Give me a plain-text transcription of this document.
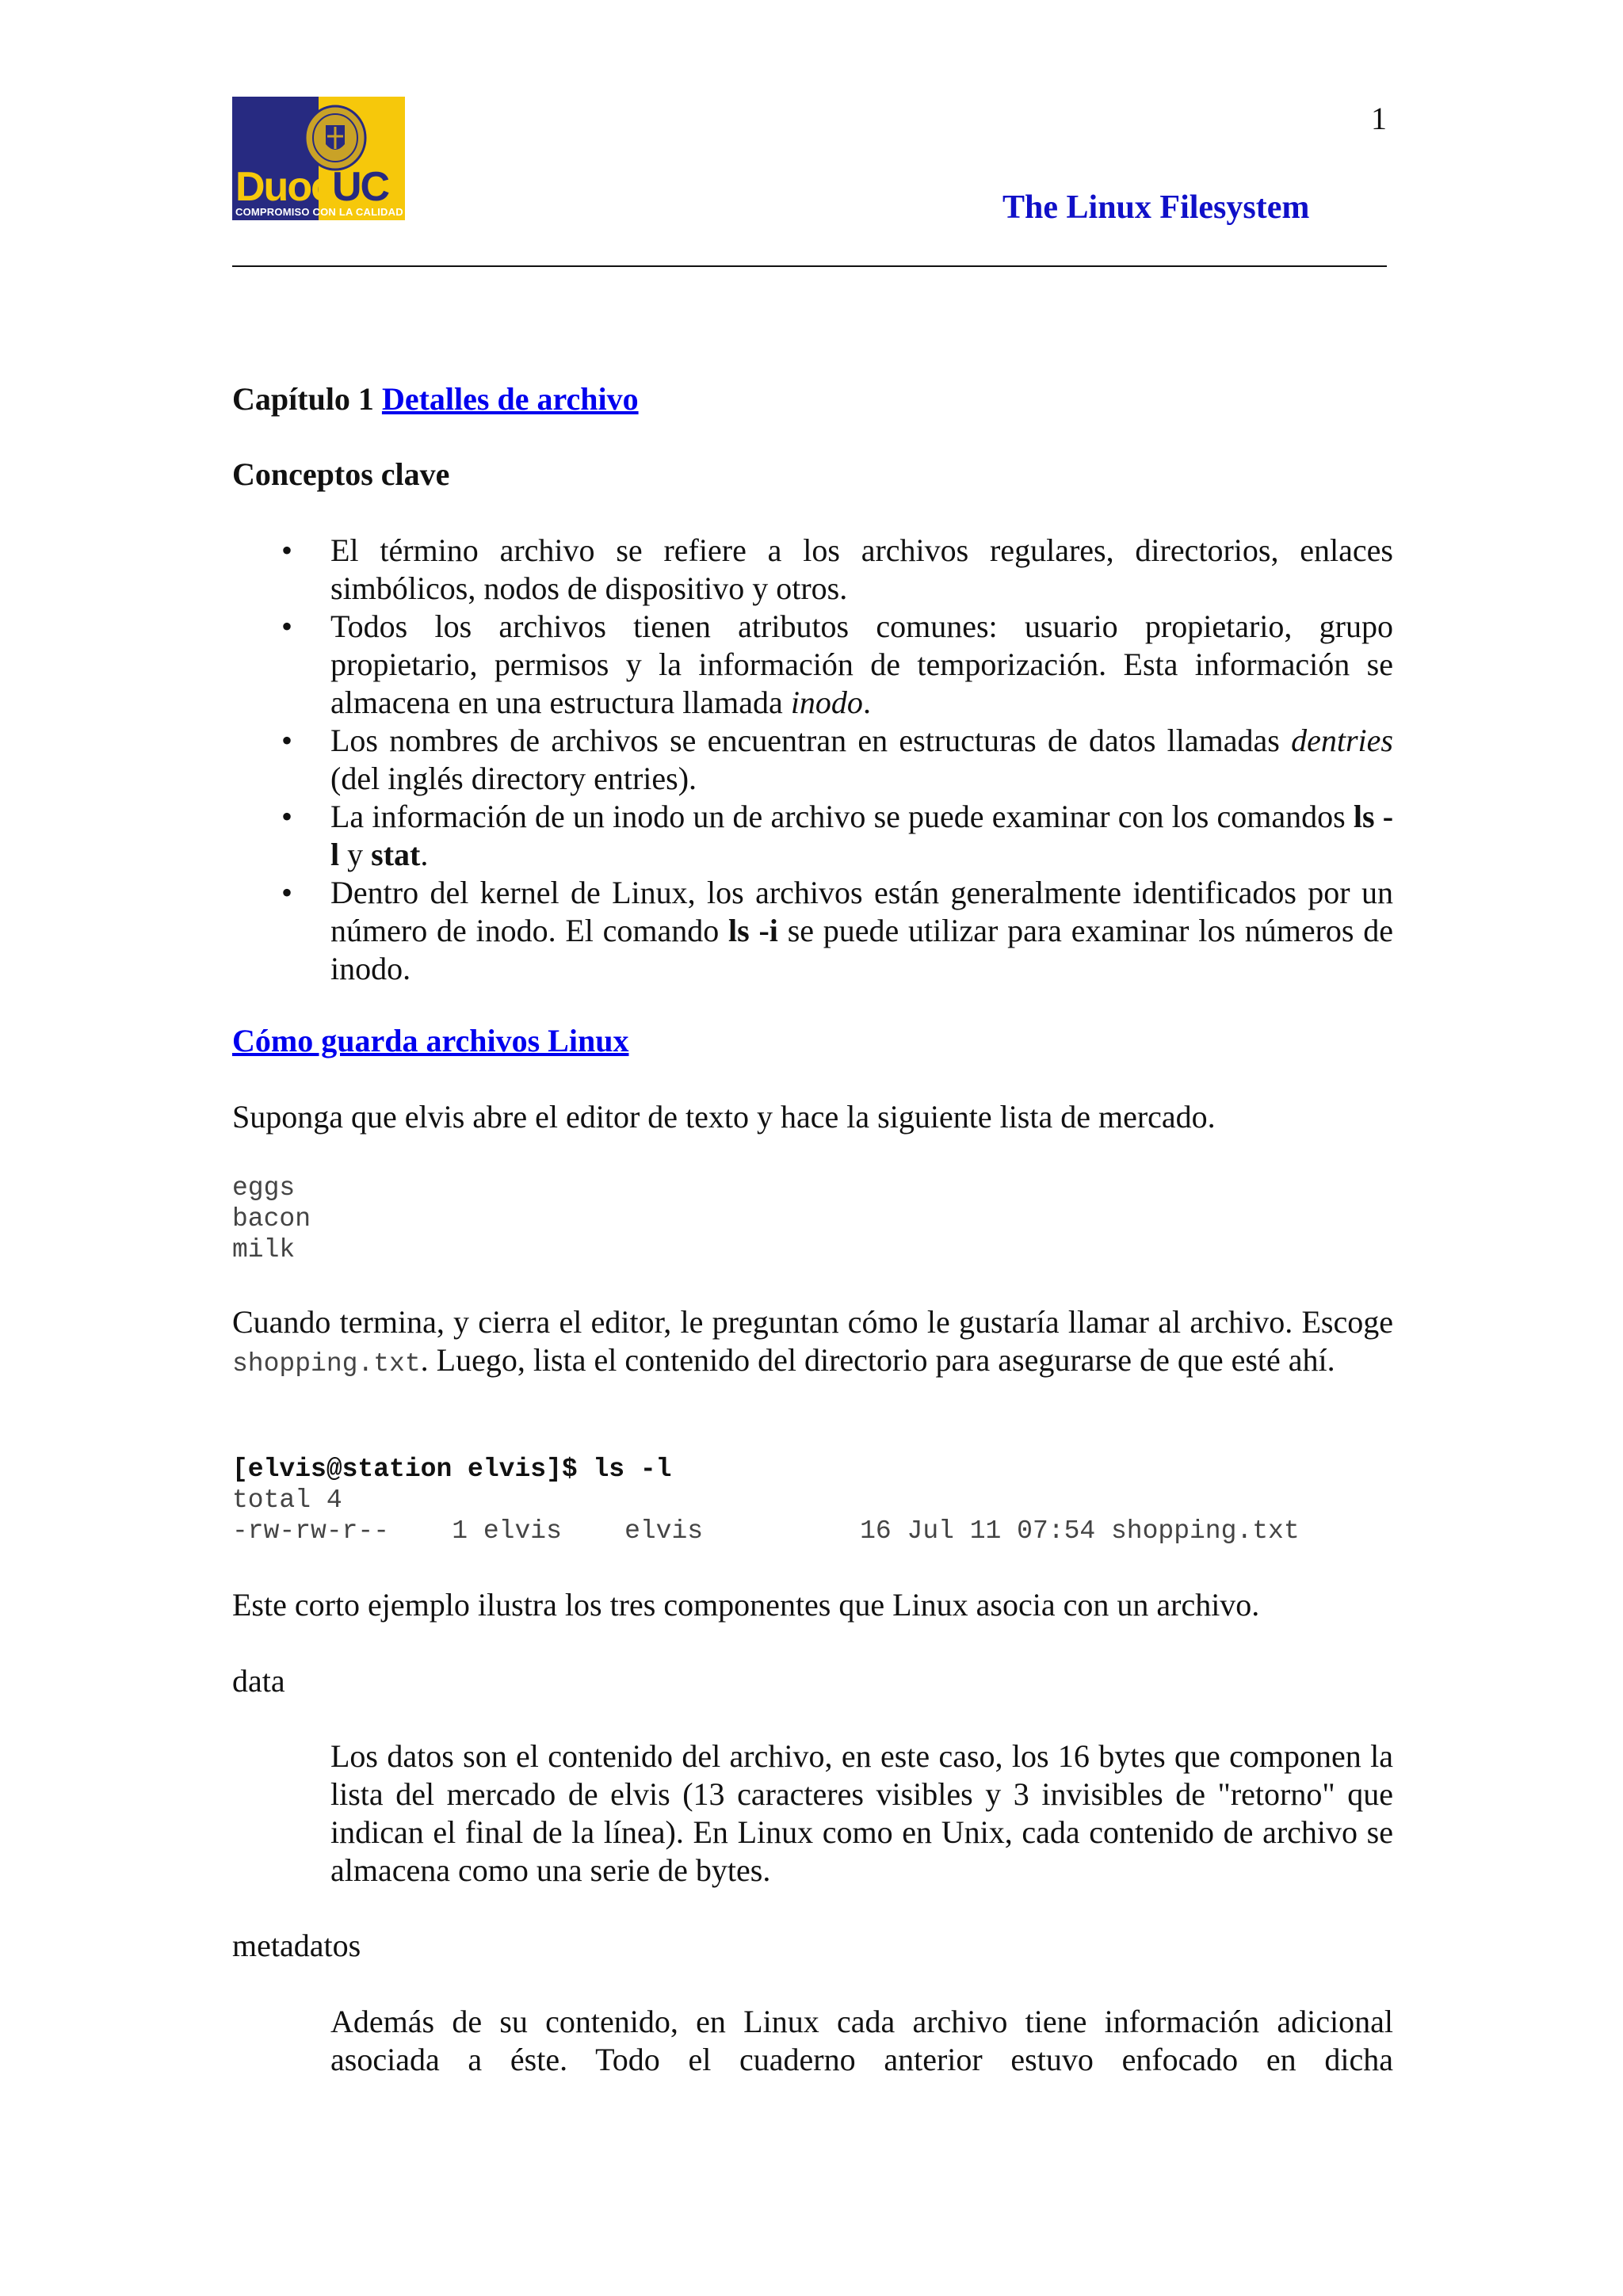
DuocUC
COMPROMISO CON LA CALIDAD
1
The Linux Filesystem
Capítulo 1 Detalles de archivo
Conceptos clave
• El término archivo se refiere a los archivos regulares, directorios, enlaces simbólicos, nodos de dispositivo y otros.
• Todos los archivos tienen atributos comunes: usuario propietario, grupo propietario, permisos y la información de temporización. Esta información se almacena en una estructura llamada inodo.
• Los nombres de archivos se encuentran en estructuras de datos llamadas dentries (del inglés directory entries).
• La información de un inodo un de archivo se puede examinar con los comandos ls -l y stat.
• Dentro del kernel de Linux, los archivos están generalmente identificados por un número de inodo. El comando ls -i se puede utilizar para examinar los números de inodo.
Cómo guarda archivos Linux
Suponga que elvis abre el editor de texto y hace la siguiente lista de mercado.
eggs
bacon
milk
Cuando termina, y cierra el editor, le preguntan cómo le gustaría llamar al archivo. Escoge shopping.txt. Luego, lista el contenido del directorio para asegurarse de que esté ahí.
[elvis@station elvis]$ ls -l
total 4
-rw-rw-r--    1 elvis    elvis          16 Jul 11 07:54 shopping.txt
Este corto ejemplo ilustra los tres componentes que Linux asocia con un archivo.
data
Los datos son el contenido del archivo, en este caso, los 16 bytes que componen la lista del mercado de elvis (13 caracteres visibles y 3 invisibles de "retorno" que indican el final de la línea). En Linux como en Unix, cada contenido de archivo se almacena como una serie de bytes.
metadatos
Además de su contenido, en Linux cada archivo tiene información adicional asociada a éste. Todo el cuaderno anterior estuvo enfocado en dicha
